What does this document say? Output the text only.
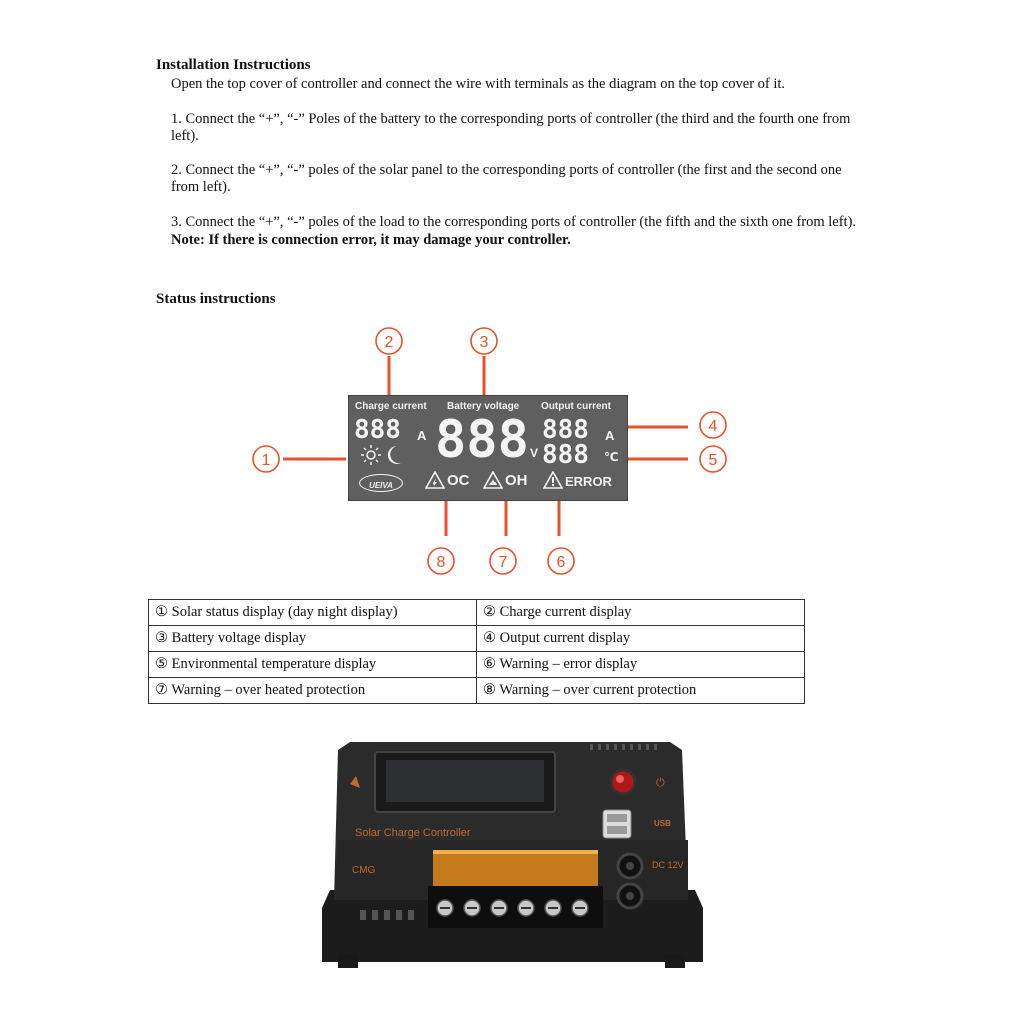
Installation Instructions
Open the top cover of controller and connect the wire with terminals as the diagram on the top cover of it.
1. Connect the “+”, “-” Poles of the battery to the corresponding ports of controller (the third and the fourth one from
left).
2. Connect the “+”, “-” poles of the solar panel to the corresponding ports of controller (the first and the second one
from left).
3. Connect the “+”, “-” poles of the load to the corresponding ports of controller (the fifth and the sixth one from left).
Note: If there is connection error, it may damage your controller.
Status instructions
2	3
1
4
5
8	7	6
Charge current Battery voltage Output current
888 A 888 V
888 A
888 ℃
UEIVA	OC OH	ERROR
① Solar status display (day night display)	② Charge current display
③ Battery voltage display	④ Output current display
⑤ Environmental temperature display	⑥ Warning – error display
⑦ Warning – over heated protection	⑧ Warning – over current protection
⏻
Solar Charge Controller
USB
DC 12V
CMG
